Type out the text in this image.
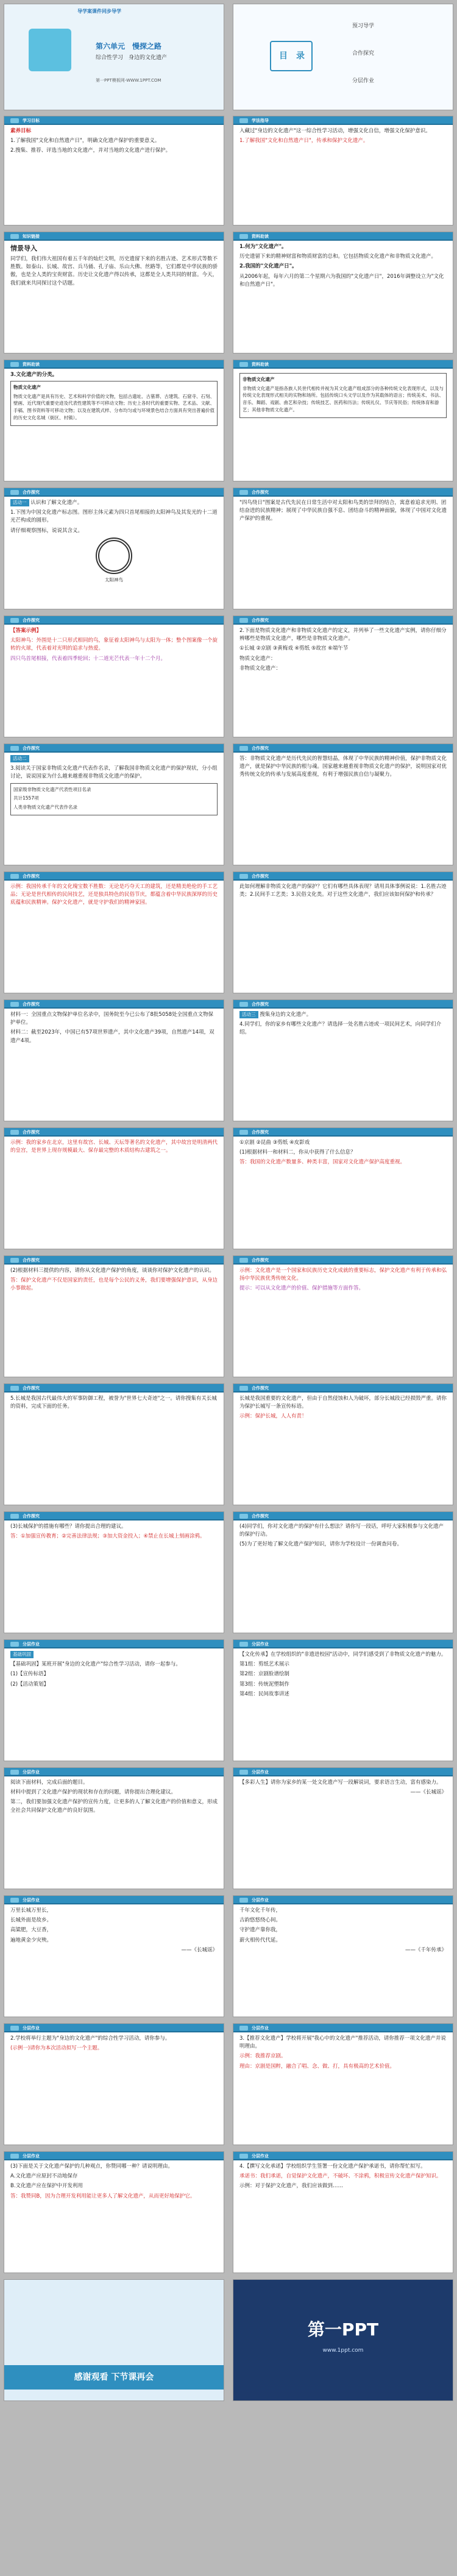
导学案课件同步导学
第六单元　慢探之路
综合性学习　身边的文化遗产
第一PPT模板网-WWW.1PPT.COM
目　录
预习导学
合作探究
分层作业
学习目标

素养目标

1.了解我国"文化和自然遗产日"，明确文化遗产保护的重要意义。

2.搜集、推荐、评选当地的文化遗产，并对当地的文化遗产进行保护。

学法指导

入藏过"身边的文化遗产"这一综合性学习活动，增强文化自信，增强文化保护意识。

1.了解我国"文化和自然遗产日"，传承和保护文化遗产。

知识链接

情景导入

同学们，我们伟大祖国有着五千年的灿烂文明，历史遗留下来的名胜古迹、艺术形式等数不胜数。如泰山、长城、故宫、兵马俑、孔子庙、乐山大佛、丝路等，它们都是中华民族的骄傲，也是全人类的宝贵财富。历史让文化遗产得以传承，这都是全人类共同的财富。今天，我们就来共同探讨这个话题。

资料助读

1.何为"文化遗产"。

历史遗留下来的精神财富和物质财富的总和。它包括物质文化遗产和非物质文化遗产。

2.我国的"文化遗产日"。

从2006年起，每年六月的第二个星期六为我国的"文化遗产日"，2016年调整设立为"文化和自然遗产日"。

资料助读

3.文化遗产的分类。

物质文化遗产

物质文化遗产是具有历史、艺术和科学价值的文物，包括古遗址、古墓葬、古建筑、石窟寺、石刻、壁画、近代现代重要史迹及代表性建筑等不可移动文物；历史上各时代的重要实物、艺术品、文献、手稿、图书资料等可移动文物；以及在建筑式样、分布均匀或与环境景色结合方面具有突出普遍价值的历史文化名城（街区、村镇）。

资料助读

非物质文化遗产

非物质文化遗产是指各族人民世代相传并视为其文化遗产组成部分的各种传统文化表现形式，以及与传统文化表现形式相关的实物和场所。包括传统口头文学以及作为其载体的语言；传统美术、书法、音乐、舞蹈、戏剧、曲艺和杂技；传统技艺、医药和历法；传统礼仪、节庆等民俗；传统体育和游艺；其他非物质文化遗产。

合作探究

活动一 认识和了解文化遗产。

1.下图为中国文化遗产标志图。图形主体元素为四只首尾相接的太阳神鸟及其发光的十二道光芒构成的圆形。

请仔细观察图标，说说其含义。

太阳神鸟

合作探究

"四鸟绕日"图案是古代先民在日常生活中对太阳和鸟类的崇拜的结合，寓意着追求光明、团结奋进的民族精神；展现了中华民族自强不息、团结奋斗的精神面貌，体现了中国对文化遗产保护的重视。

合作探究

【答案示例】

太阳神鸟：外围是十二只形式相同的鸟，象征着太阳神鸟与太阳为一体；整个图案像一个旋转的火球，代表着对光明的追求与热爱。

四只鸟首尾相接，代表着四季轮回；十二道光芒代表一年十二个月。

合作探究

2.下面是物质文化遗产和非物质文化遗产的定义，并列举了一些文化遗产实例，请你仔细分辨哪些是物质文化遗产，哪些是非物质文化遗产。

①长城 ②京剧 ③黄梅戏 ④剪纸 ⑤故宫 ⑥端午节

物质文化遗产：

非物质文化遗产：

合作探究

活动二

3.阅读关于国家非物质文化遗产代表作名录，了解我国非物质文化遗产的保护现状，分小组讨论，说说国家为什么越来越重视非物质文化遗产的保护。

国家级非物质文化遗产代表性项目名录

共计1557项

人类非物质文化遗产代表作名录

合作探究

答：非物质文化遗产是历代先民的智慧结晶，体现了中华民族的精神价值，保护非物质文化遗产，就是保护中华民族的根与魂。国家越来越重视非物质文化遗产的保护，说明国家对优秀传统文化的传承与发展高度重视，有利于增强民族自信与凝聚力。

合作探究

示例：我国传承千年的文化瑰宝数不胜数：无论是巧夺天工的建筑，还是精美绝伦的手工艺品；无论是世代相传的民间技艺，还是独具特色的民俗节庆，都蕴含着中华民族深厚的历史底蕴和民族精神。保护文化遗产，就是守护我们的精神家园。

合作探究

此如何理解非物质文化遗产的保护？它们有哪些具体表现？请用具体事例说说：1.名胜古迹类；2.民间手工艺类；3.民俗文化类。对于这些文化遗产，我们应该如何保护和传承？

合作探究

材料一：全国重点文物保护单位名录中，国务院至今已公布了8批5058处全国重点文物保护单位。

材料二：截至2023年，中国已有57项世界遗产，其中文化遗产39项，自然遗产14项，双遗产4项。

合作探究

活动三 搜集身边的文化遗产。

4.同学们，你的家乡有哪些文化遗产？请选择一处名胜古迹或一项民间艺术，向同学们介绍。

合作探究

示例：我的家乡在北京，这里有故宫、长城、天坛等著名的文化遗产，其中故宫是明清两代的皇宫，是世界上现存规模最大、保存最完整的木质结构古建筑之一。

合作探究

①京剧 ②昆曲 ③剪纸 ④皮影戏

(1)根据材料一和材料二，你从中获得了什么信息？

答：我国的文化遗产数量多、种类丰富，国家对文化遗产保护高度重视。

合作探究

(2)根据材料三提供的内容，请你从文化遗产保护的角度，谈谈你对保护文化遗产的认识。

答：保护文化遗产不仅是国家的责任，也是每个公民的义务，我们要增强保护意识，从身边小事做起。

合作探究

示例：文化遗产是一个国家和民族历史文化成就的重要标志，保护文化遗产有利于传承和弘扬中华民族优秀传统文化。

提示：可以从文化遗产的价值、保护措施等方面作答。

合作探究

5.长城是我国古代最伟大的军事防御工程，被誉为"世界七大奇迹"之一。请你搜集有关长城的资料，完成下面的任务。

合作探究

长城是我国重要的文化遗产，但由于自然侵蚀和人为破坏，部分长城段已经损毁严重。请你为保护长城写一条宣传标语。

示例：保护长城，人人有责！

合作探究

(3)长城保护的措施有哪些？请你提出合理的建议。

答：①加强宣传教育；②完善法律法规；③加大资金投入；④禁止在长城上刻画涂鸦。

合作探究

(4)同学们，你对文化遗产的保护有什么想法？请你写一段话，呼吁大家积极参与文化遗产的保护行动。

(5)为了更好地了解文化遗产保护知识，请你为学校设计一份调查问卷。

分层作业

基础巩固

【基础巩固】某班开展"身边的文化遗产"综合性学习活动，请你一起参与。

(1)【宣传标语】

(2)【活动策划】

分层作业

【文化传承】在学校组织的"非遗进校园"活动中，同学们感受到了非物质文化遗产的魅力。

第1组：剪纸艺术展示

第2组：京剧脸谱绘制

第3组：传统泥塑制作

第4组：民间故事讲述

分层作业

阅读下面材料，完成后面的题目。

材料中提到了文化遗产保护的现状和存在的问题，请你提出合理化建议。

第二，我们要加强文化遗产保护的宣传力度，让更多的人了解文化遗产的价值和意义，形成全社会共同保护文化遗产的良好氛围。

分层作业

【多彩人生】请你为家乡的某一处文化遗产写一段解说词，要求语言生动，富有感染力。

——《长城谣》

分层作业

万里长城万里长，

长城外面是故乡。

高粱肥，大豆香，

遍地黄金少灾殃。

——《长城谣》

分层作业

千年文化千年传，

古韵悠悠绕心间。

守护遗产靠你我，

薪火相传代代延。

——《千年传承》

分层作业

2.学校将举行主题为"身边的文化遗产"的综合性学习活动，请你参与。

(示例一)请你为本次活动拟写一个主题。

分层作业

3.【推荐文化遗产】学校将开展"我心中的文化遗产"推荐活动，请你推荐一项文化遗产并说明理由。

示例：我推荐京剧。

理由：京剧是国粹，融合了唱、念、做、打，具有极高的艺术价值。

分层作业

(3)下面是关于文化遗产保护的几种观点，你赞同哪一种？请说明理由。

A.文化遗产应原封不动地保存

B.文化遗产应在保护中开发利用

答：我赞同B，因为合理开发利用能让更多人了解文化遗产，从而更好地保护它。

分层作业

4.【撰写文化承诺】学校组织学生签署一份文化遗产保护承诺书，请你帮忙拟写。

承诺书：我们承诺，自觉保护文化遗产，不破坏、不涂鸦，积极宣传文化遗产保护知识。

示例：对于保护文化遗产，我们应该做到……

感谢观看 下节课再会
第一PPT
www.1ppt.com
